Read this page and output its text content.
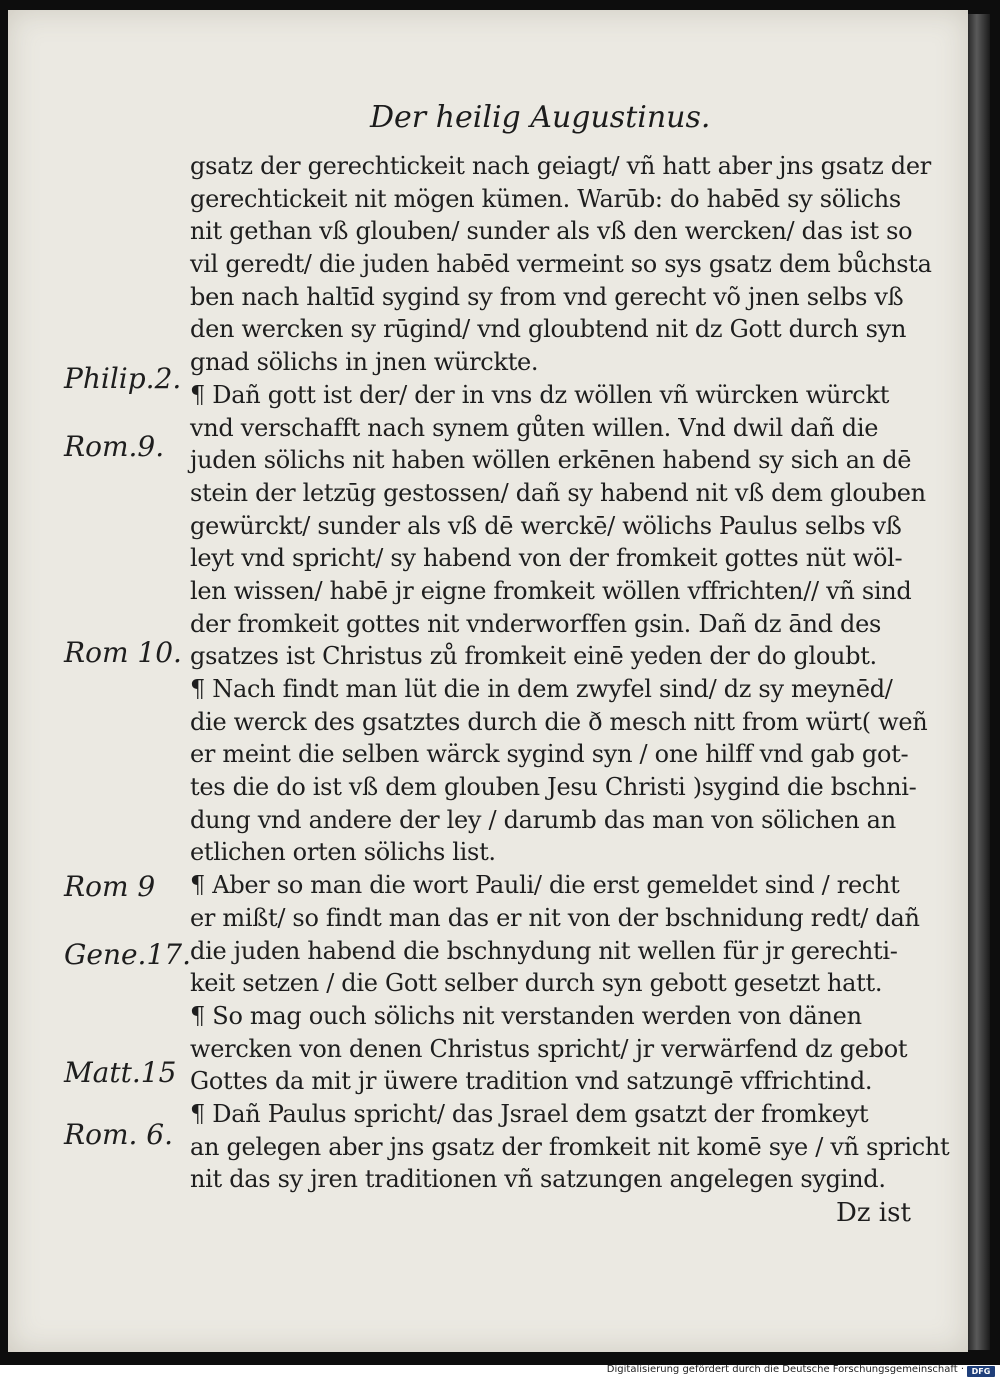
Der heilig Augustinus.
gsatz der gerechtickeit nach geiagt/ vñ hatt aber jns gsatz der
gerechtickeit nit mögen kümen. Warūb: do habēd sy sölichs
nit gethan vß glouben/ sunder als vß den wercken/ das ist so
vil geredt/ die juden habēd vermeint so sys gsatz dem bůchsta
ben nach haltīd sygind sy from vnd gerecht võ jnen selbs vß
den wercken sy rūgind/ vnd gloubtend nit dz Gott durch syn
gnad sölichs in jnen würckte.
¶ Dañ gott ist der/ der in vns dz wöllen vñ würcken würckt
vnd verschafft nach synem gůten willen. Vnd dwil dañ die
juden sölichs nit haben wöllen erkēnen habend sy sich an dē
stein der letzūg gestossen/ dañ sy habend nit vß dem glouben
gewürckt/ sunder als vß dē werckē/ wölichs Paulus selbs vß
leyt vnd spricht/ sy habend von der fromkeit gottes nüt wöl-
len wissen/ habē jr eigne fromkeit wöllen vffrichten// vñ sind
der fromkeit gottes nit vnderworffen gsin. Dañ dz ānd des
gsatzes ist Christus zů fromkeit einē yeden der do gloubt.
¶ Nach findt man lüt die in dem zwyfel sind/ dz sy meynēd/
die werck des gsatztes durch die ð mesch nitt from würt( weñ
er meint die selben wärck sygind syn / one hilff vnd gab got-
tes die do ist vß dem glouben Jesu Christi )sygind die bschni-
dung vnd andere der ley / darumb das man von sölichen an
etlichen orten sölichs list.
¶ Aber so man die wort Pauli/ die erst gemeldet sind / recht
er mißt/ so findt man das er nit von der bschnidung redt/ dañ
die juden habend die bschnydung nit wellen für jr gerechti-
keit setzen / die Gott selber durch syn gebott gesetzt hatt.
¶ So mag ouch sölichs nit verstanden werden von dänen
wercken von denen Christus spricht/ jr verwärfend dz gebot
Gottes da mit jr üwere tradition vnd satzungē vffrichtind.
¶ Dañ Paulus spricht/ das Jsrael dem gsatzt der fromkeyt
an gelegen aber jns gsatz der fromkeit nit komē sye / vñ spricht
nit das sy jren traditionen vñ satzungen angelegen sygind.
Dz ist
Philip.2.
Rom.9.
Rom 10.
Rom 9
Gene.17.
Matt.15
Rom. 6.
Digitalisierung gefördert durch die Deutsche Forschungsgemeinschaft · DFG
